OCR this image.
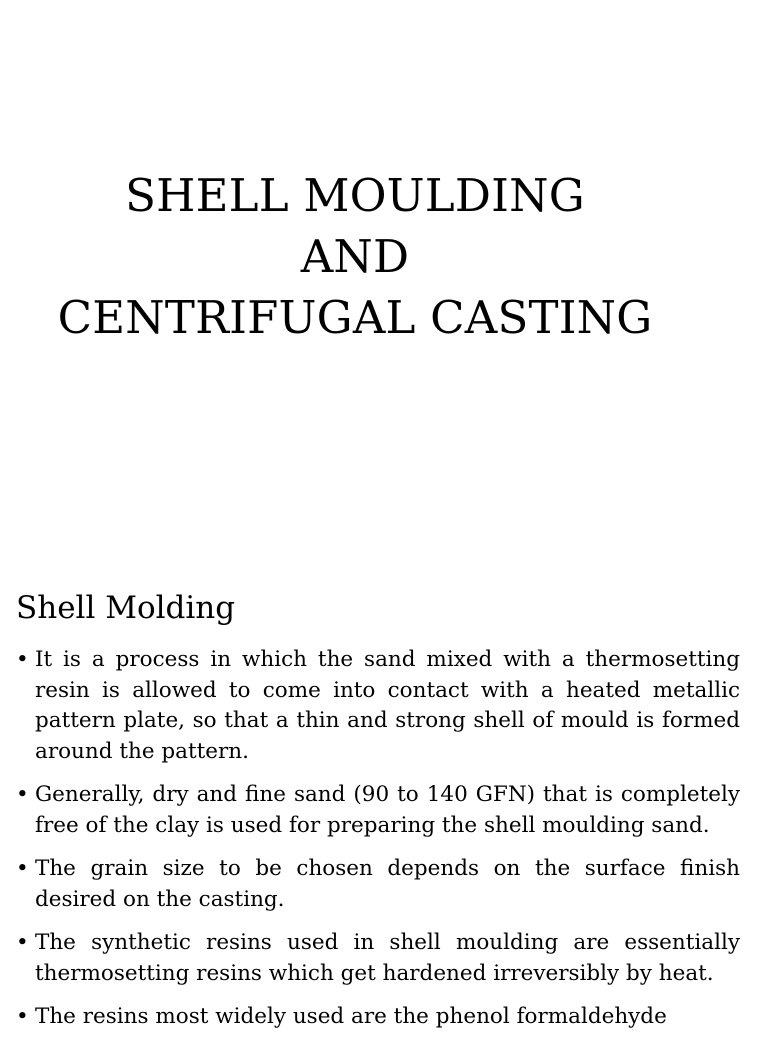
SHELL MOULDING
AND
CENTRIFUGAL CASTING
Shell Molding
• It is a process in which the sand mixed with a thermosetting resin is allowed to come into contact with a heated metallic pattern plate, so that a thin and strong shell of mould is formed around the pattern.
• Generally, dry and fine sand (90 to 140 GFN) that is completely free of the clay is used for preparing the shell moulding sand.
• The grain size to be chosen depends on the surface finish desired on the casting.
• The synthetic resins used in shell moulding are essentially thermosetting resins which get hardened irreversibly by heat.
• The resins most widely used are the phenol formaldehyde
